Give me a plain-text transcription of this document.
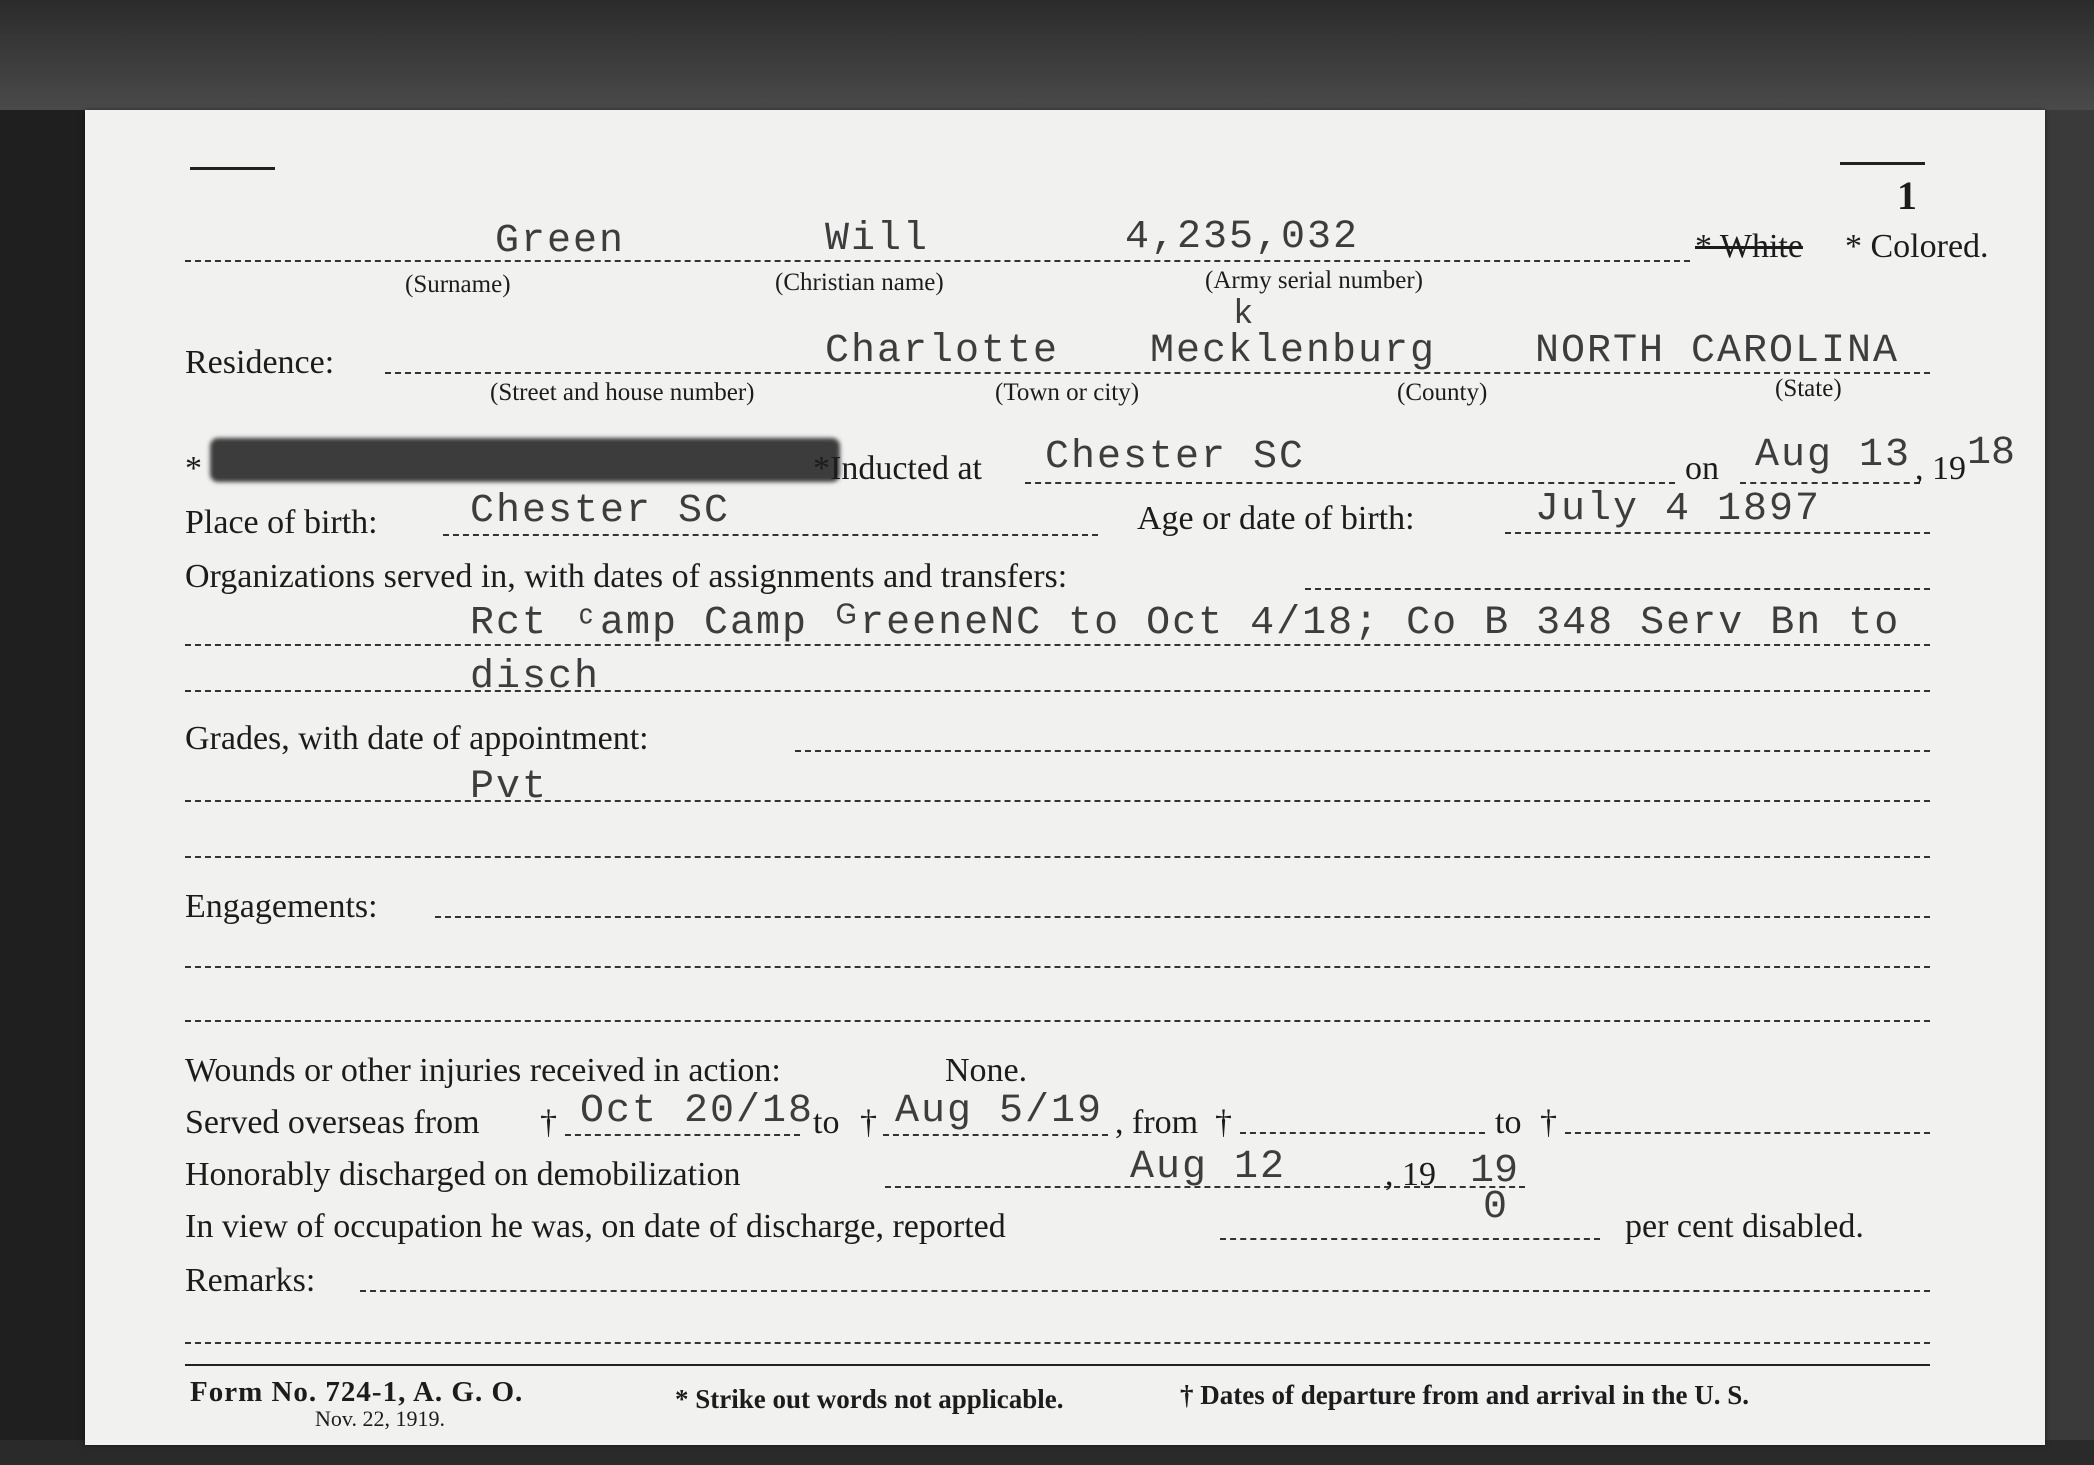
1
Green	Will	4,235,032	* White * Colored.
(Surname)	(Christian name)	(Army serial number)
Residence:
k
Charlotte Mecklenburg NORTH CAROLINA
(Street and house number)	(Town or city)	(County)	(State)
*	*Inducted at Chester SC	on Aug 13 , 19 18
Place of birth: Chester SC	Age or date of birth:	July 4 1897
Organizations served in, with dates of assignments and transfers:
Rct ᶜamp Camp ᴳreeneNC to Oct 4/18; Co B 348 Serv Bn to
disch
Grades, with date of appointment:
Pvt
Engagements:
Wounds or other injuries received in action:	None.
Served overseas from † Oct 20/18
to † Aug 5/19 , from †	to †
Honorably discharged on demobilization	Aug 12	, 19 19
0
In view of occupation he was, on date of discharge, reported	per cent disabled.
Remarks:
Form No. 724-1, A. G. O.
Nov. 22, 1919.
* Strike out words not applicable.	† Dates of departure from and arrival in the U. S.
